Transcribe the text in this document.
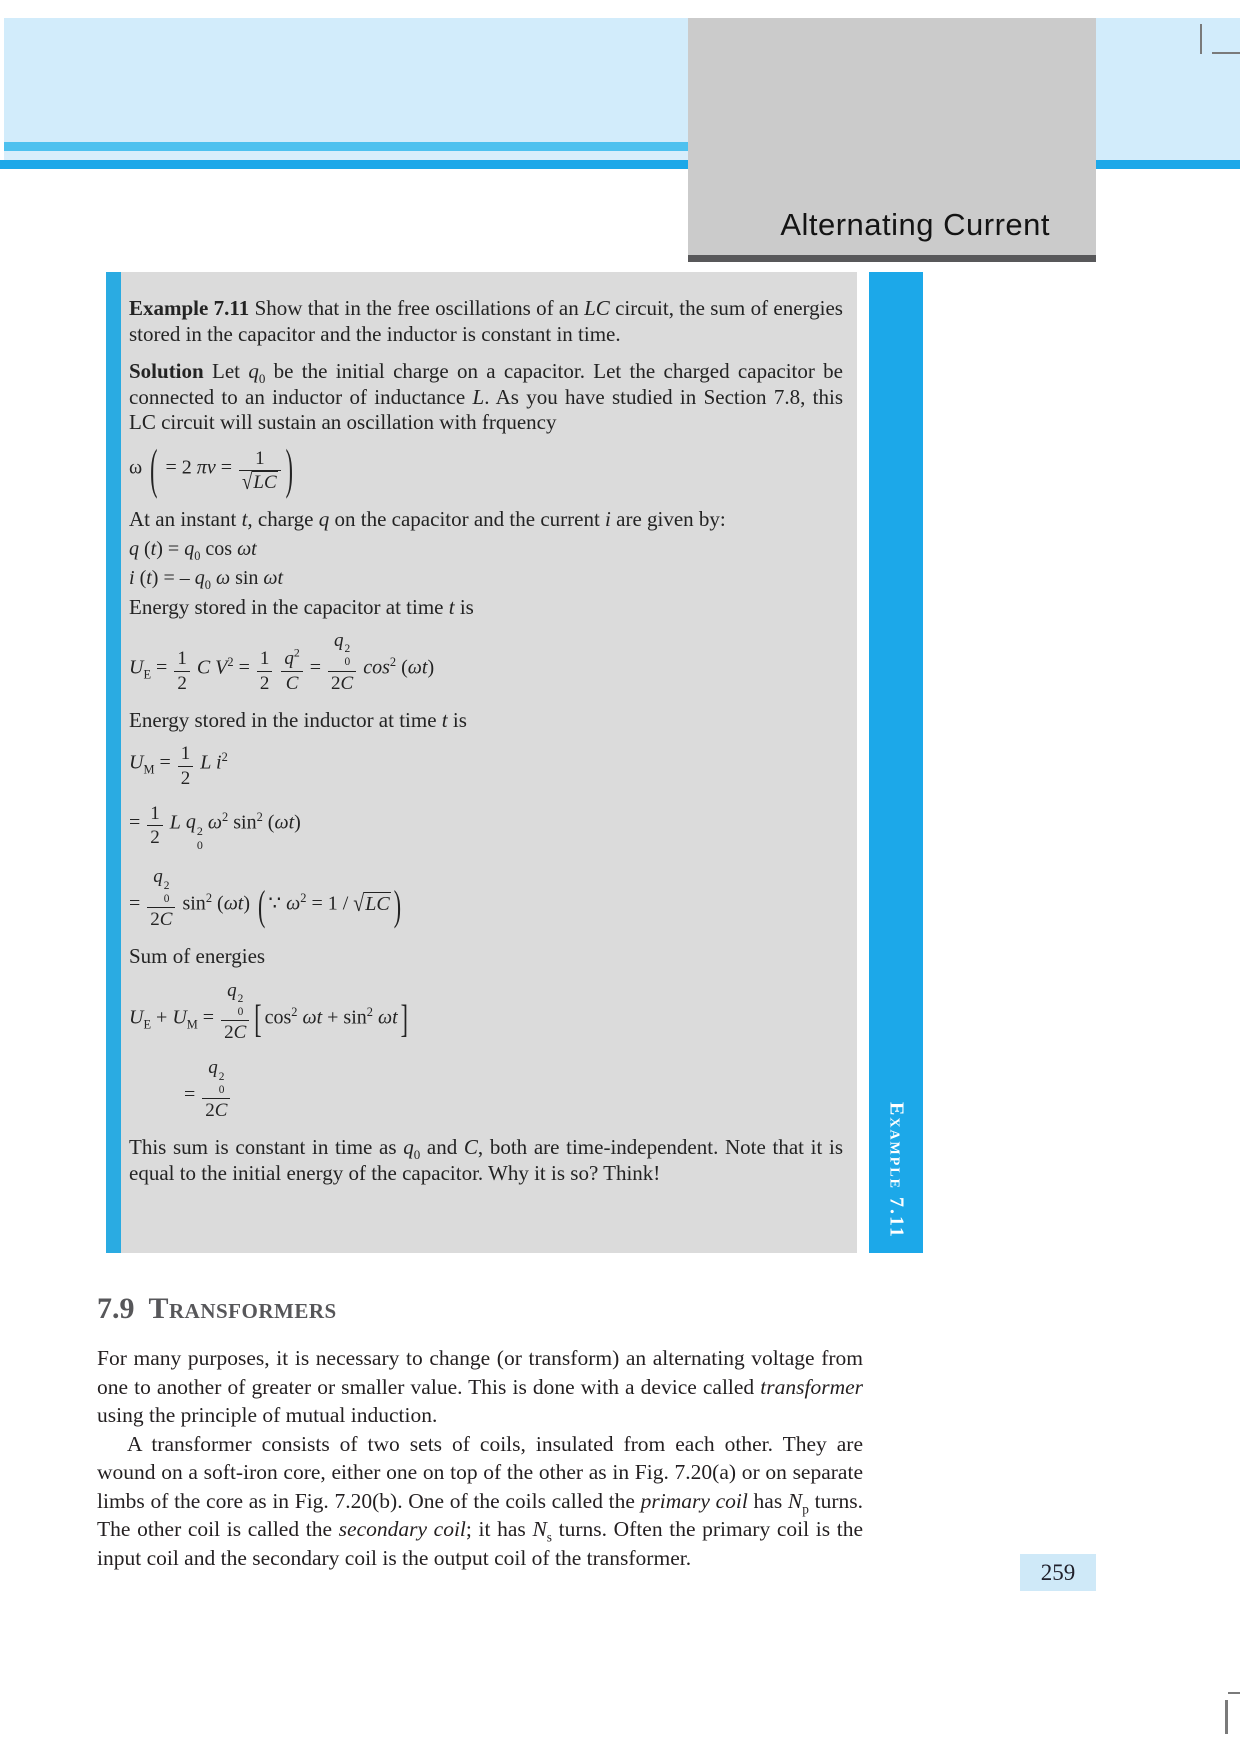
Alternating Current

Example 7.11 Show that in the free oscillations of an LC circuit, the sum of energies stored in the capacitor and the inductor is constant in time.

Solution Let $q_0$ be the initial charge on a capacitor. Let the charged capacitor be connected to an inductor of inductance L. As you have studied in Section 7.8, this LC circuit will sustain an oscillation with frquency

ω ( = 2 $\pi\nu = \frac{1}{√LC}$ )

At an instant t, charge q on the capacitor and the current i are given by:

q $(t) = q_0$ cos ωt
i (t) = – $q_0$ ω sin ωt

Energy stored in the capacitor at time t is

$U_E = \frac{1}{2}$ C $V^2 = \frac{1}{2}$
$\frac{q^2}{C} = q$ 2
0
2C $\cos^2 (\omega t)$

Energy stored in the inductor at time t is

$U_M = \frac{1}{2}$ L $i^2$
= $\frac{1}{2}$ L q 2
0
$\omega^2$ $\sin^2 (\omega t)$
= q 2
0
2C $\sin^2 (\omega t)$ ( ∵ $\omega^2 = 1 / √LC$ )

Sum of energies

$U_E + U_M = q$ 2
0
2C [ $\cos^2 \omega t + \sin^2 \omega t$ ]
= q 2
0
2C

This sum is constant in time as $q_0$ and C, both are time-independent. Note that it is equal to the initial energy of the capacitor. Why it is so? Think!	Example 7.11
7.9 Transformers

For many purposes, it is necessary to change (or transform) an alternating voltage from one to another of greater or smaller value. This is done with a device called transformer using the principle of mutual induction.

A transformer consists of two sets of coils, insulated from each other. They are wound on a soft-iron core, either one on top of the other as in Fig. 7.20(a) or on separate limbs of the core as in Fig. 7.20(b). One of the coils called the primary coil has $N_p$ turns. The other coil is called the secondary coil; it has $N_s$ turns. Often the primary coil is the input coil and the secondary coil is the output coil of the transformer.

259
